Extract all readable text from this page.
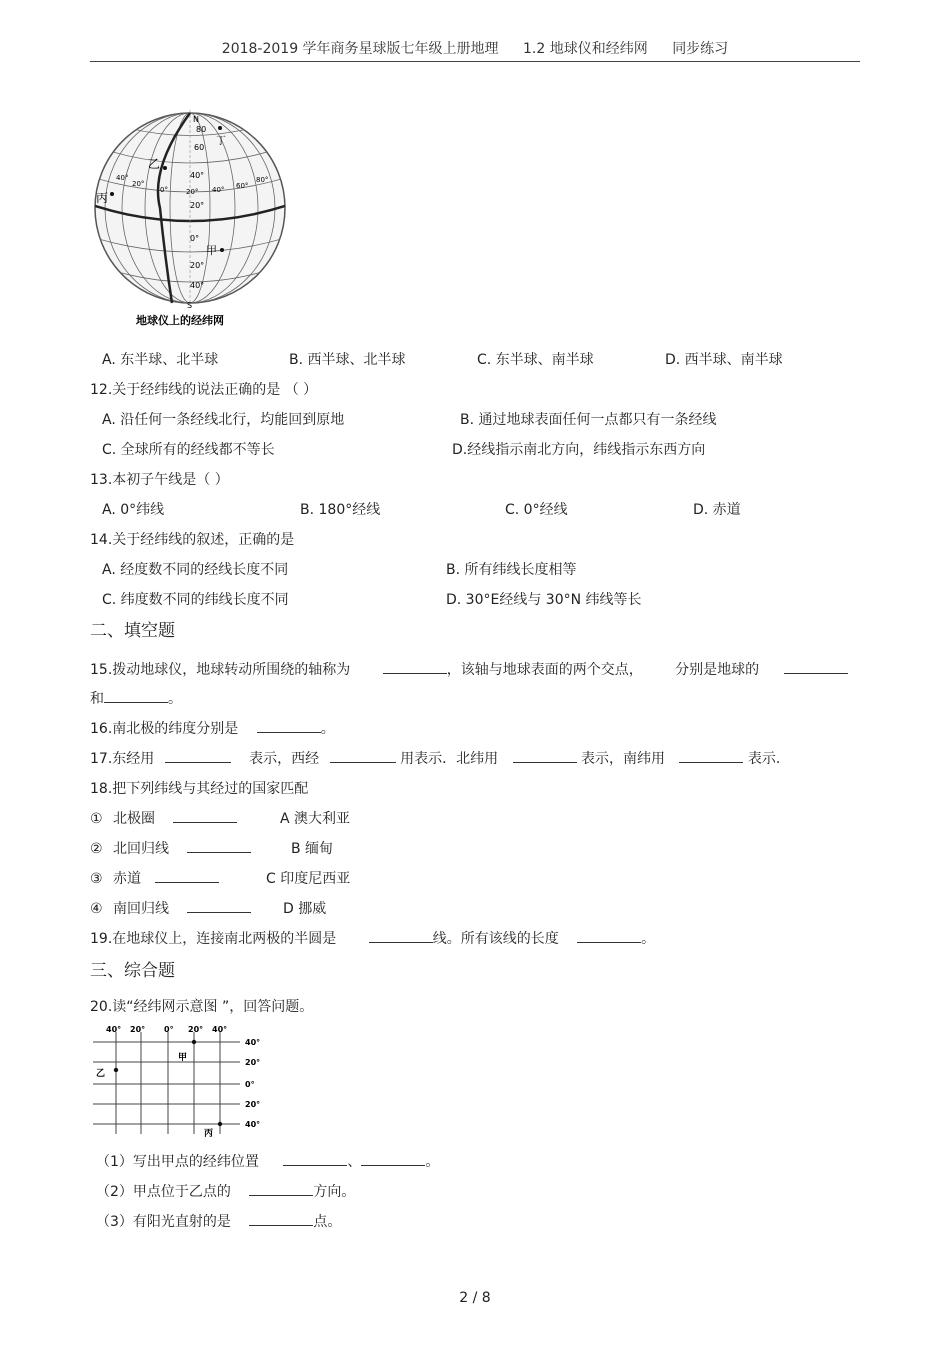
2018-2019 学年商务星球版七年级上册地理 1.2 地球仪和经纬网 同步练习
N
S
80
60
40°
20°
0°
20°
40°
40°
20°
0°	20° 40° 60°
80°
甲
乙
丙
丁
地球仪上的经纬网
A. 东半球、北半球	B. 西半球、北半球	C. 东半球、南半球	D. 西半球、南半球
12.关于经纬线的说法正确的是 （ ）
A. 沿任何一条经线北行，均能回到原地	B. 通过地球表面任何一点都只有一条经线
C. 全球所有的经线都不等长	D.经线指示南北方向，纬线指示东西方向
13.本初子午线是（ ）
A. 0°纬线	B. 180°经线	C. 0°经线	D. 赤道
14.关于经纬线的叙述，正确的是
A. 经度数不同的经线长度不同	B. 所有纬线长度相等
C. 纬度数不同的纬线长度不同	D. 30°E经线与 30°N 纬线等长
二、填空题
15.拨动地球仪，地球转动所围绕的轴称为	，该轴与地球表面的两个交点， 分别是地球的
和	。
16.南北极的纬度分别是	。
17.东经用	表示，西经	用表示．北纬用	表示，南纬用	表示.
18.把下列纬线与其经过的国家匹配
① 北极圈	A 澳大利亚
② 北回归线	B 缅甸
③ 赤道	C 印度尼西亚
④ 南回归线	D 挪威
19.在地球仪上，连接南北两极的半圆是	线。所有该线的长度	。
三、综合题
20.读“经纬网示意图 ”，回答问题。
40° 20° 0° 20° 40°
40°
20°
0°
20°
40°
甲
乙
丙
（1）写出甲点的经纬位置	、	。
（2）甲点位于乙点的	方向。
（3）有阳光直射的是	点。
2 / 8
